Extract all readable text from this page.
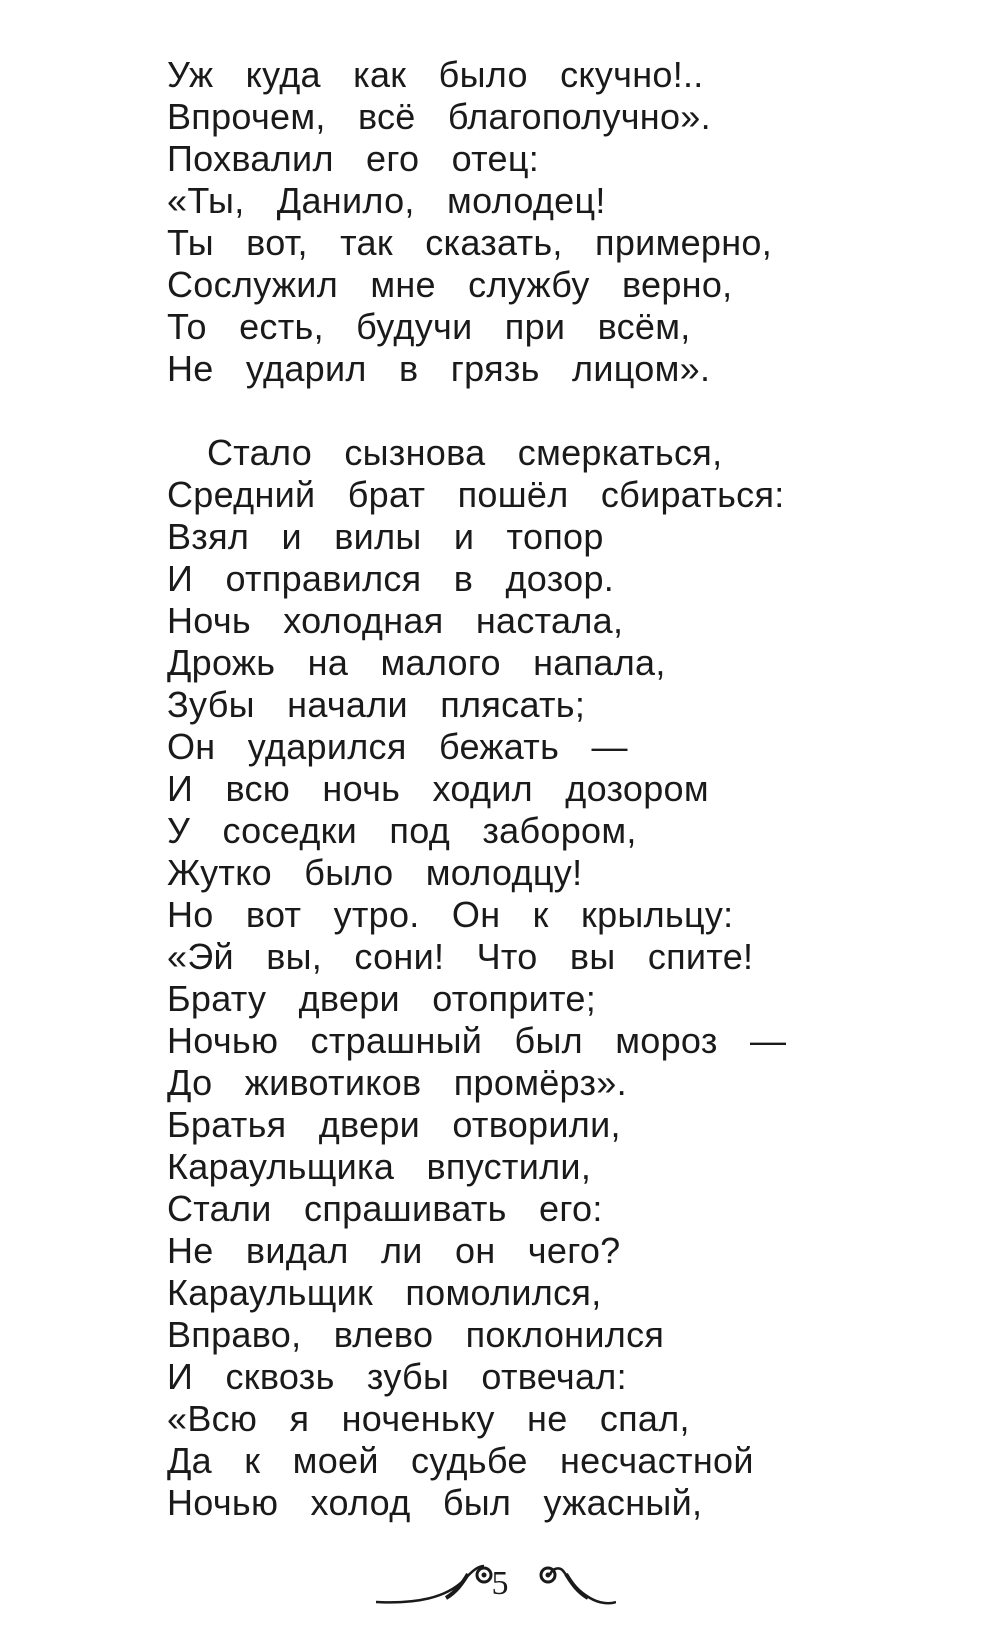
Уж куда как было скучно!..
Впрочем, всё благополучно».
Похвалил его отец:
«Ты, Данило, молодец!
Ты вот, так сказать, примерно,
Сослужил мне службу верно,
То есть, будучи при всём,
Не ударил в грязь лицом».
Стало сызнова смеркаться,
Средний брат пошёл сбираться:
Взял и вилы и топор
И отправился в дозор.
Ночь холодная настала,
Дрожь на малого напала,
Зубы начали плясать;
Он ударился бежать —
И всю ночь ходил дозором
У соседки под забором,
Жутко было молодцу!
Но вот утро. Он к крыльцу:
«Эй вы, сони! Что вы спите!
Брату двери отоприте;
Ночью страшный был мороз —
До животиков промёрз».
Братья двери отворили,
Караульщика впустили,
Стали спрашивать его:
Не видал ли он чего?
Караульщик помолился,
Вправо, влево поклонился
И сквозь зубы отвечал:
«Всю я ноченьку не спал,
Да к моей судьбе несчастной
Ночью холод был ужасный,
5
